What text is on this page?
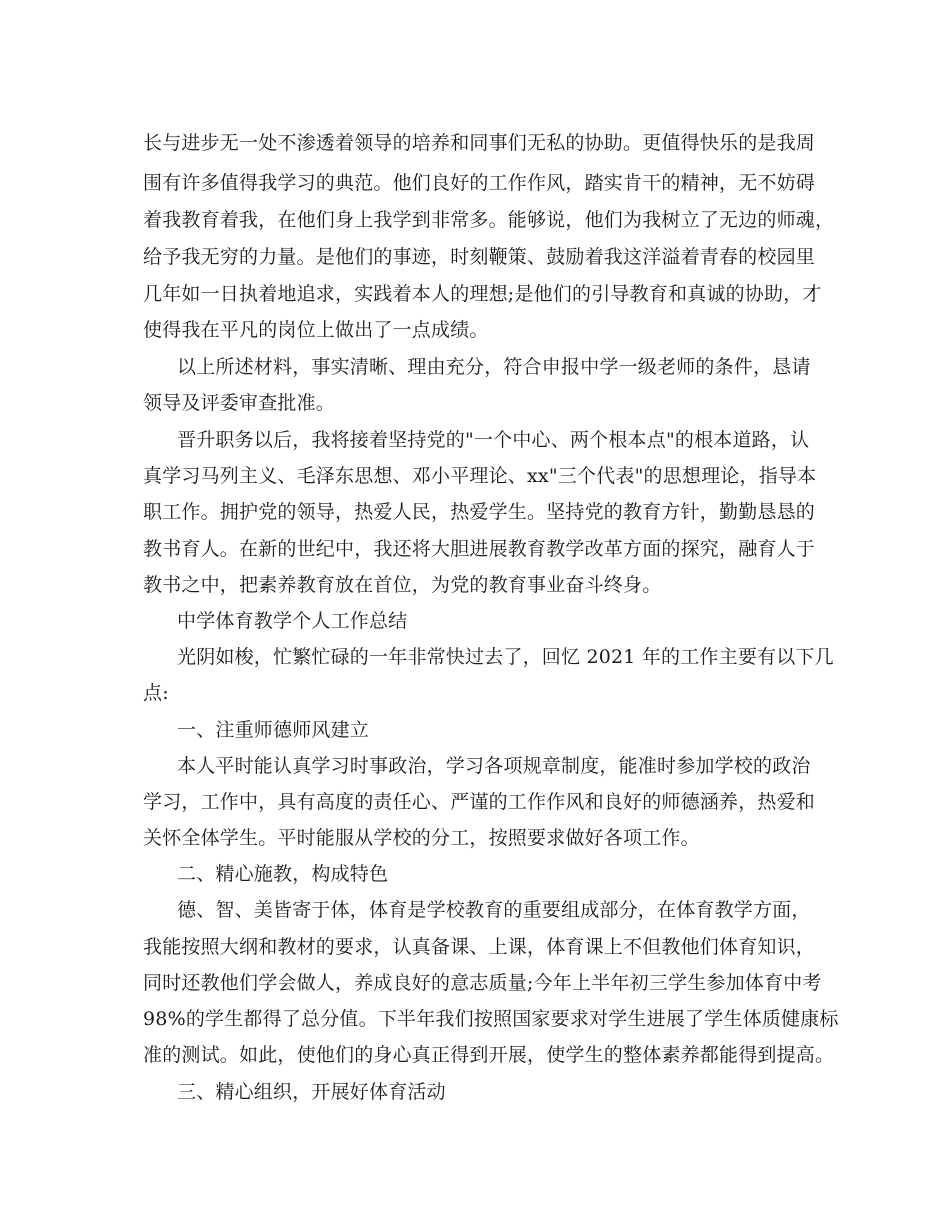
长与进步无一处不渗透着领导的培养和同事们无私的协助。更值得快乐的是我周
围有许多值得我学习的典范。他们良好的工作作风，踏实肯干的精神，无不妨碍
着我教育着我，在他们身上我学到非常多。能够说，他们为我树立了无边的师魂，
给予我无穷的力量。是他们的事迹，时刻鞭策、鼓励着我这洋溢着青春的校园里
几年如一日执着地追求，实践着本人的理想;是他们的引导教育和真诚的协助，才
使得我在平凡的岗位上做出了一点成绩。
以上所述材料，事实清晰、理由充分，符合申报中学一级老师的条件，恳请
领导及评委审查批准。
晋升职务以后，我将接着坚持党的"一个中心、两个根本点"的根本道路，认
真学习马列主义、毛泽东思想、邓小平理论、xx"三个代表"的思想理论，指导本
职工作。拥护党的领导，热爱人民，热爱学生。坚持党的教育方针，勤勤恳恳的
教书育人。在新的世纪中，我还将大胆进展教育教学改革方面的探究，融育人于
教书之中，把素养教育放在首位，为党的教育事业奋斗终身。
中学体育教学个人工作总结
光阴如梭，忙繁忙碌的一年非常快过去了，回忆 2021 年的工作主要有以下几
点:
一、注重师德师风建立
本人平时能认真学习时事政治，学习各项规章制度，能准时参加学校的政治
学习，工作中，具有高度的责任心、严谨的工作作风和良好的师德涵养，热爱和
关怀全体学生。平时能服从学校的分工，按照要求做好各项工作。
二、精心施教，构成特色
德、智、美皆寄于体，体育是学校教育的重要组成部分，在体育教学方面，
我能按照大纲和教材的要求，认真备课、上课，体育课上不但教他们体育知识，
同时还教他们学会做人，养成良好的意志质量;今年上半年初三学生参加体育中考
98%的学生都得了总分值。下半年我们按照国家要求对学生进展了学生体质健康标
准的测试。如此，使他们的身心真正得到开展，使学生的整体素养都能得到提高。
三、精心组织，开展好体育活动
